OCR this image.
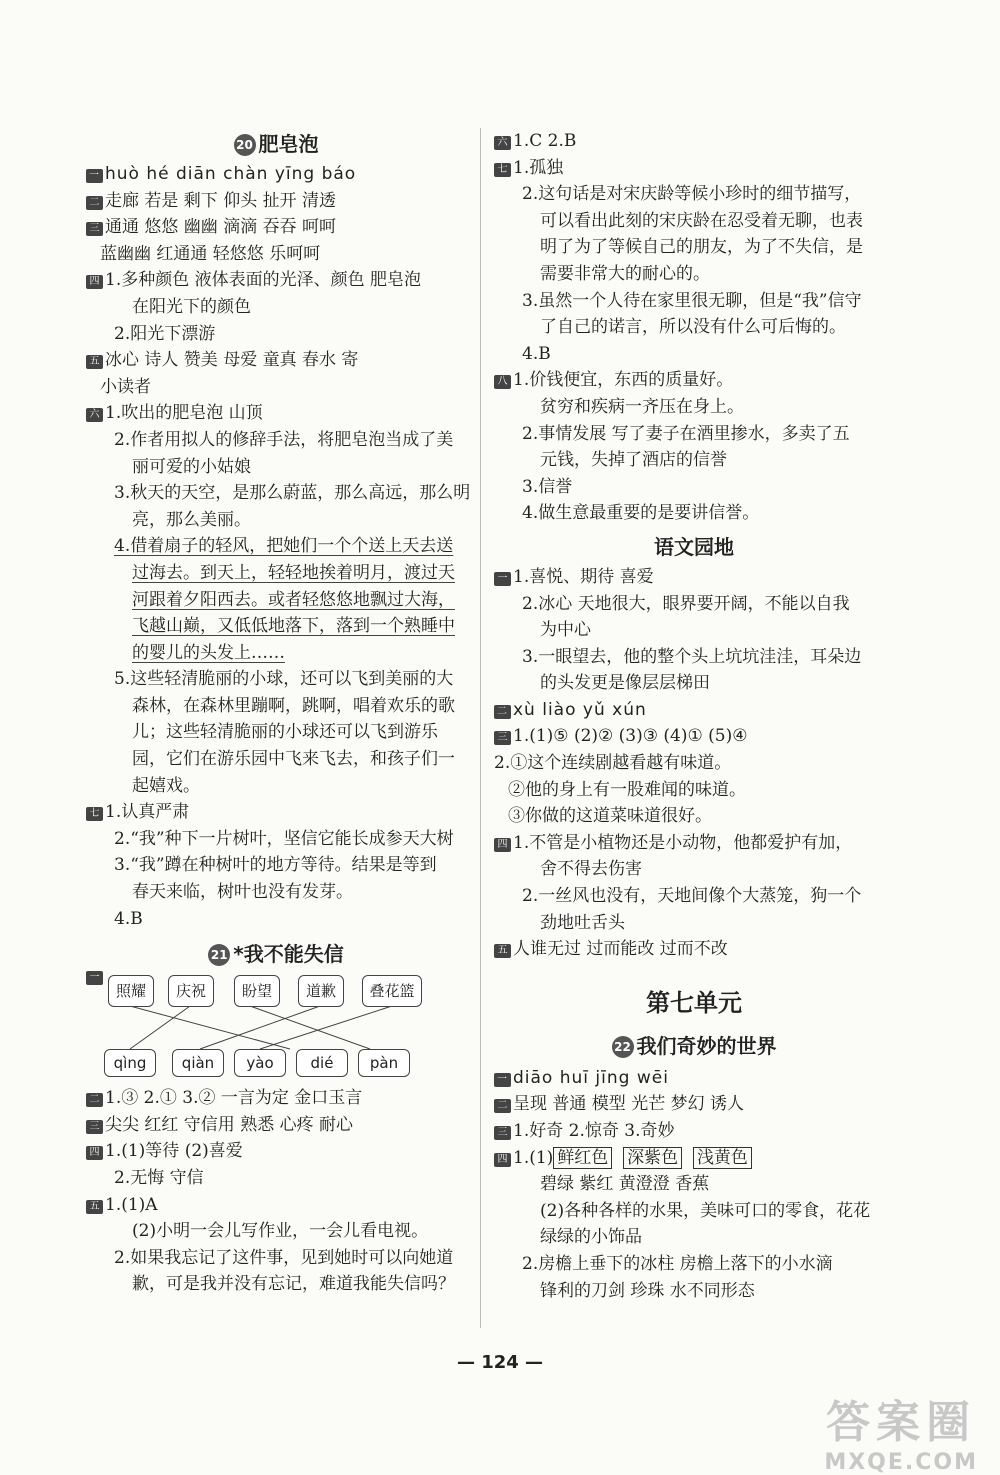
20 肥皂泡
一 huò hé diān chàn yīng báo
二 走廊 若是 剩下 仰头 扯开 清透
三 通通 悠悠 幽幽 滴滴 吞吞 呵呵
蓝幽幽 红通通 轻悠悠 乐呵呵
四 1.多种颜色 液体表面的光泽、颜色 肥皂泡
在阳光下的颜色
2.阳光下漂游
五 冰心 诗人 赞美 母爱 童真 春水 寄
小读者
六 1.吹出的肥皂泡 山顶
2.作者用拟人的修辞手法，将肥皂泡当成了美
丽可爱的小姑娘
3.秋天的天空，是那么蔚蓝，那么高远，那么明
亮，那么美丽。
4.借着扇子的轻风，把她们一个个送上天去送
过海去。到天上，轻轻地挨着明月，渡过天
河跟着夕阳西去。或者轻悠悠地飘过大海，
飞越山巅，又低低地落下，落到一个熟睡中
的婴儿的头发上……
5.这些轻清脆丽的小球，还可以飞到美丽的大
森林，在森林里蹦啊，跳啊，唱着欢乐的歌
儿；这些轻清脆丽的小球还可以飞到游乐
园，它们在游乐园中飞来飞去，和孩子们一
起嬉戏。
七 1.认真严肃
2.“我”种下一片树叶，坚信它能长成参天大树
3.“我”蹲在种树叶的地方等待。结果是等到
春天来临，树叶也没有发芽。
4.B
21 *我不能失信
一
照耀	庆祝	盼望	道歉	叠花篮
qìng	qiàn	yào	dié	pàn
二 1.③ 2.① 3.② 一言为定 金口玉言
三 尖尖 红红 守信用 熟悉 心疼 耐心
四 1.(1)等待 (2)喜爱
2.无悔 守信
五 1.(1)A
(2)小明一会儿写作业，一会儿看电视。
2.如果我忘记了这件事，见到她时可以向她道
歉，可是我并没有忘记，难道我能失信吗？
六 1.C 2.B
七 1.孤独
2.这句话是对宋庆龄等候小珍时的细节描写，
可以看出此刻的宋庆龄在忍受着无聊，也表
明了为了等候自己的朋友，为了不失信，是
需要非常大的耐心的。
3.虽然一个人待在家里很无聊，但是“我”信守
了自己的诺言，所以没有什么可后悔的。
4.B
八 1.价钱便宜，东西的质量好。
贫穷和疾病一齐压在身上。
2.事情发展 写了妻子在酒里掺水，多卖了五
元钱，失掉了酒店的信誉
3.信誉
4.做生意最重要的是要讲信誉。
语文园地
一 1.喜悦、期待 喜爱
2.冰心 天地很大，眼界要开阔，不能以自我
为中心
3.一眼望去，他的整个头上坑坑洼洼，耳朵边
的头发更是像层层梯田
二 xù liào yǔ xún
三 1.(1)⑤ (2)② (3)③ (4)① (5)④
2.①这个连续剧越看越有味道。
②他的身上有一股难闻的味道。
③你做的这道菜味道很好。
四 1.不管是小植物还是小动物，他都爱护有加，
舍不得去伤害
2.一丝风也没有，天地间像个大蒸笼，狗一个
劲地吐舌头
五 人谁无过 过而能改 过而不改
第七单元
22 我们奇妙的世界
一 diāo huī jīng wēi
二 呈现 普通 模型 光芒 梦幻 诱人
三 1.好奇 2.惊奇 3.奇妙
四 1.(1) 鲜红色 深紫色 浅黄色
碧绿 紫红 黄澄澄 香蕉
(2)各种各样的水果，美味可口的零食，花花
绿绿的小饰品
2.房檐上垂下的冰柱 房檐上落下的小水滴
锋利的刀剑 珍珠 水不同形态
— 124 —
答案圈
MXQE.COM
